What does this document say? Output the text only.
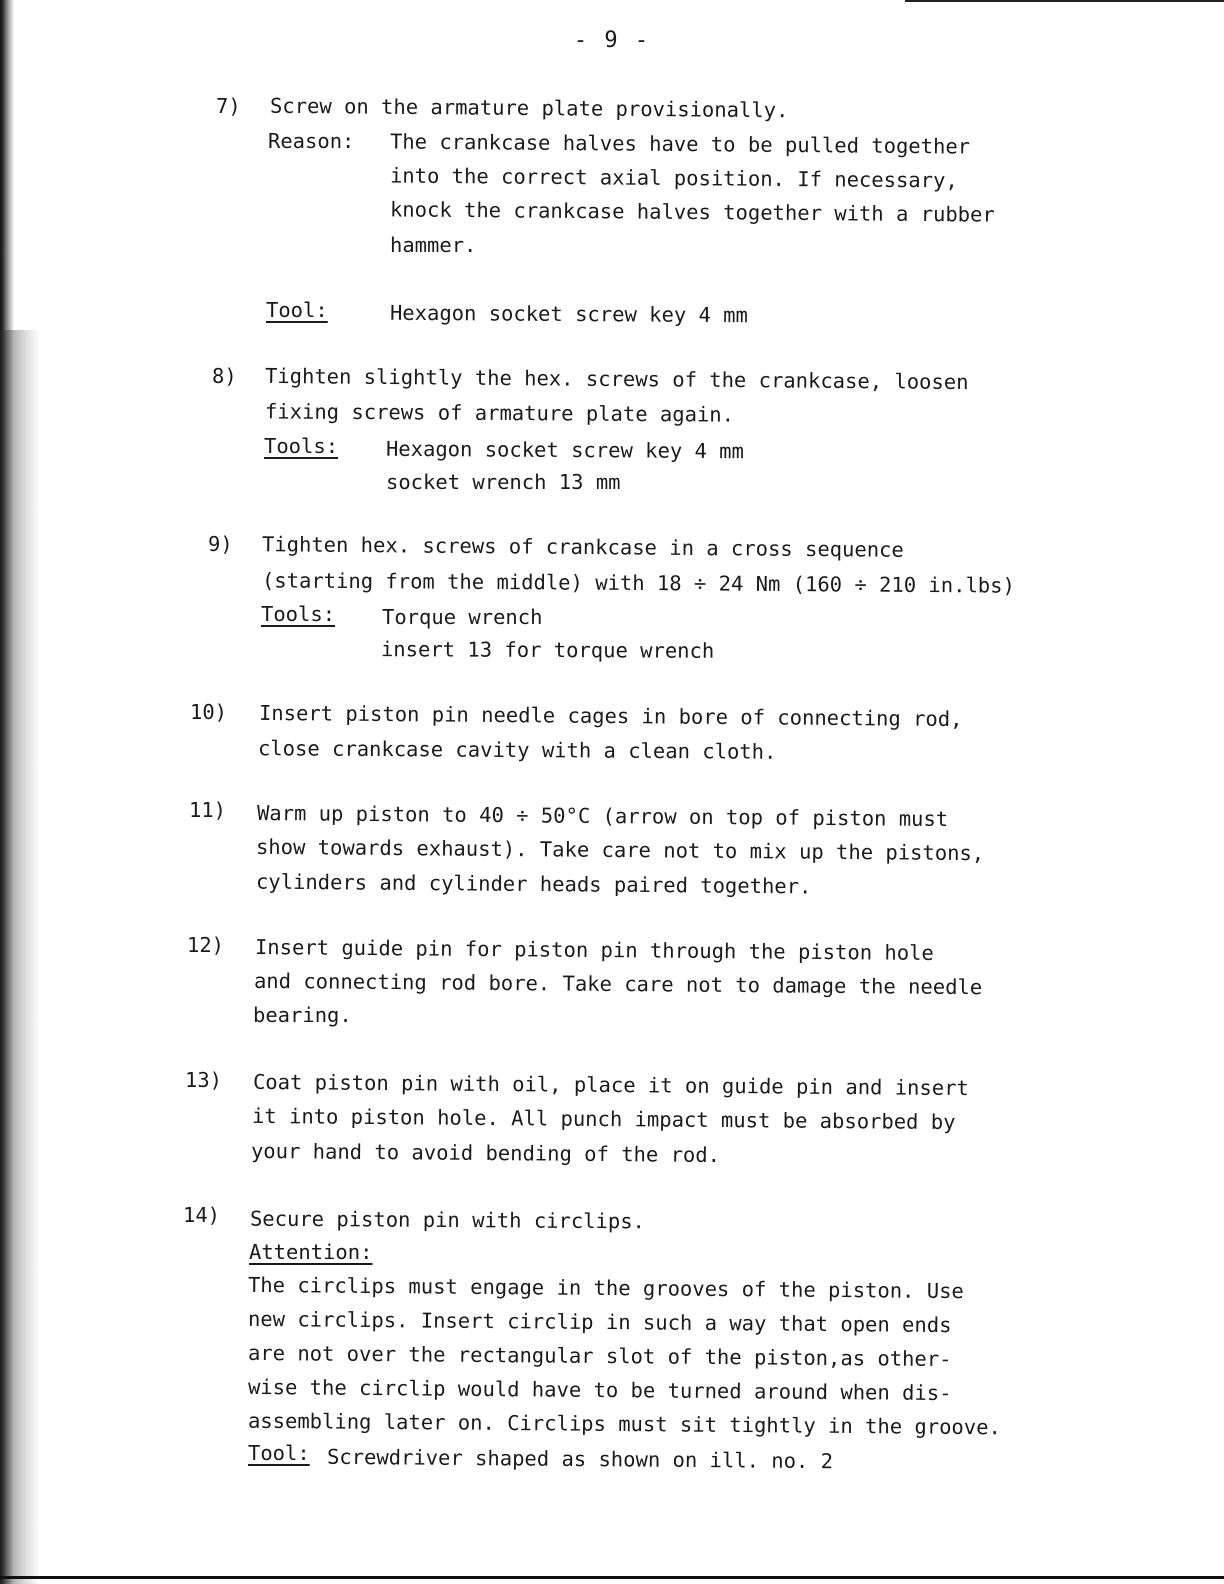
- 9 -
7) Screw on the armature plate provisionally.
Reason: The crankcase halves have to be pulled together
into the correct axial position. If necessary,
knock the crankcase halves together with a rubber
hammer.
Tool:	Hexagon socket screw key 4 mm
8) Tighten slightly the hex. screws of the crankcase, loosen
fixing screws of armature plate again.
Tools: Hexagon socket screw key 4 mm
socket wrench 13 mm
9) Tighten hex. screws of crankcase in a cross sequence
(starting from the middle) with 18 ÷ 24 Nm (160 ÷ 210 in.lbs)
Tools: Torque wrench
insert 13 for torque wrench
10) Insert piston pin needle cages in bore of connecting rod,
close crankcase cavity with a clean cloth.
11) Warm up piston to 40 ÷ 50°C (arrow on top of piston must
show towards exhaust). Take care not to mix up the pistons,
cylinders and cylinder heads paired together.
12) Insert guide pin for piston pin through the piston hole
and connecting rod bore. Take care not to damage the needle
bearing.
13) Coat piston pin with oil, place it on guide pin and insert
it into piston hole. All punch impact must be absorbed by
your hand to avoid bending of the rod.
14) Secure piston pin with circlips.
Attention:
The circlips must engage in the grooves of the piston. Use
new circlips. Insert circlip in such a way that open ends
are not over the rectangular slot of the piston,as other-
wise the circlip would have to be turned around when dis-
assembling later on. Circlips must sit tightly in the groove.
Tool: Screwdriver shaped as shown on ill. no. 2
